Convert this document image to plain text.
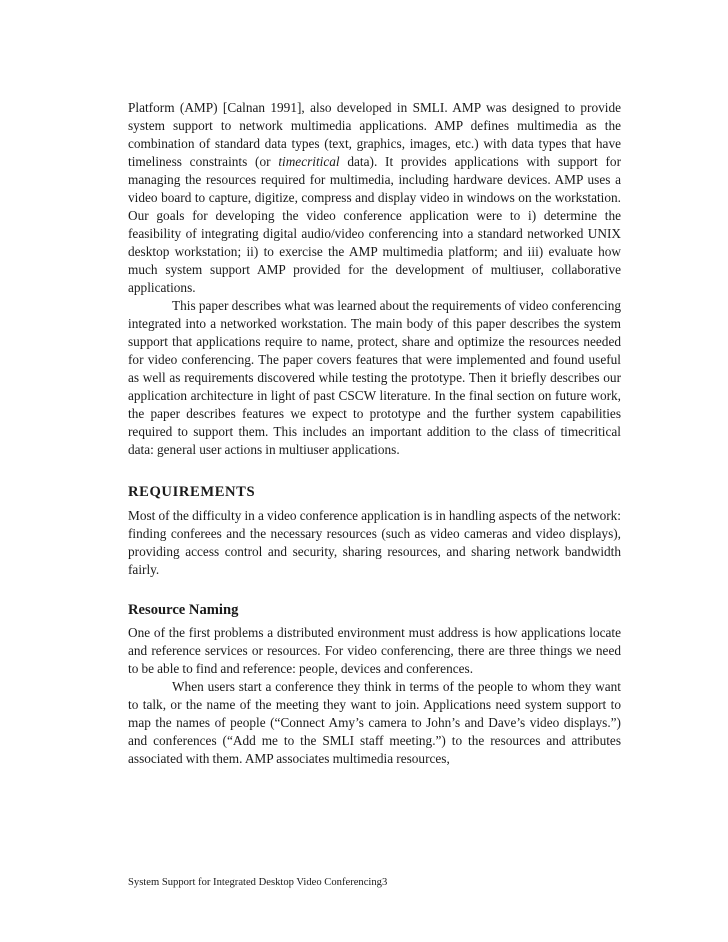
Platform (AMP) [Calnan 1991], also developed in SMLI. AMP was designed to provide system support to network multimedia applications. AMP defines multimedia as the combination of standard data types (text, graphics, images, etc.) with data types that have timeliness constraints (or timecritical data). It provides applications with support for managing the resources required for multimedia, including hardware devices. AMP uses a video board to capture, digitize, compress and display video in windows on the workstation. Our goals for developing the video conference application were to i) determine the feasibility of integrating digital audio/video conferencing into a standard networked UNIX desktop workstation; ii) to exercise the AMP multimedia platform; and iii) evaluate how much system support AMP provided for the development of multiuser, collaborative applications.

This paper describes what was learned about the requirements of video conferencing integrated into a networked workstation. The main body of this paper describes the system support that applications require to name, protect, share and optimize the resources needed for video conferencing. The paper covers features that were implemented and found useful as well as requirements discovered while testing the prototype. Then it briefly describes our application architecture in light of past CSCW literature. In the final section on future work, the paper describes features we expect to prototype and the further system capabilities required to support them. This includes an important addition to the class of timecritical data: general user actions in multiuser applications.

REQUIREMENTS

Most of the difficulty in a video conference application is in handling aspects of the network: finding conferees and the necessary resources (such as video cameras and video displays), providing access control and security, sharing resources, and sharing network bandwidth fairly.

Resource Naming

One of the first problems a distributed environment must address is how applications locate and reference services or resources. For video conferencing, there are three things we need to be able to find and reference: people, devices and conferences.

When users start a conference they think in terms of the people to whom they want to talk, or the name of the meeting they want to join. Applications need system support to map the names of people (“Connect Amy’s camera to John’s and Dave’s video displays.”) and conferences (“Add me to the SMLI staff meeting.”) to the resources and attributes associated with them. AMP associates multimedia resources,

System Support for Integrated Desktop Video Conferencing3
